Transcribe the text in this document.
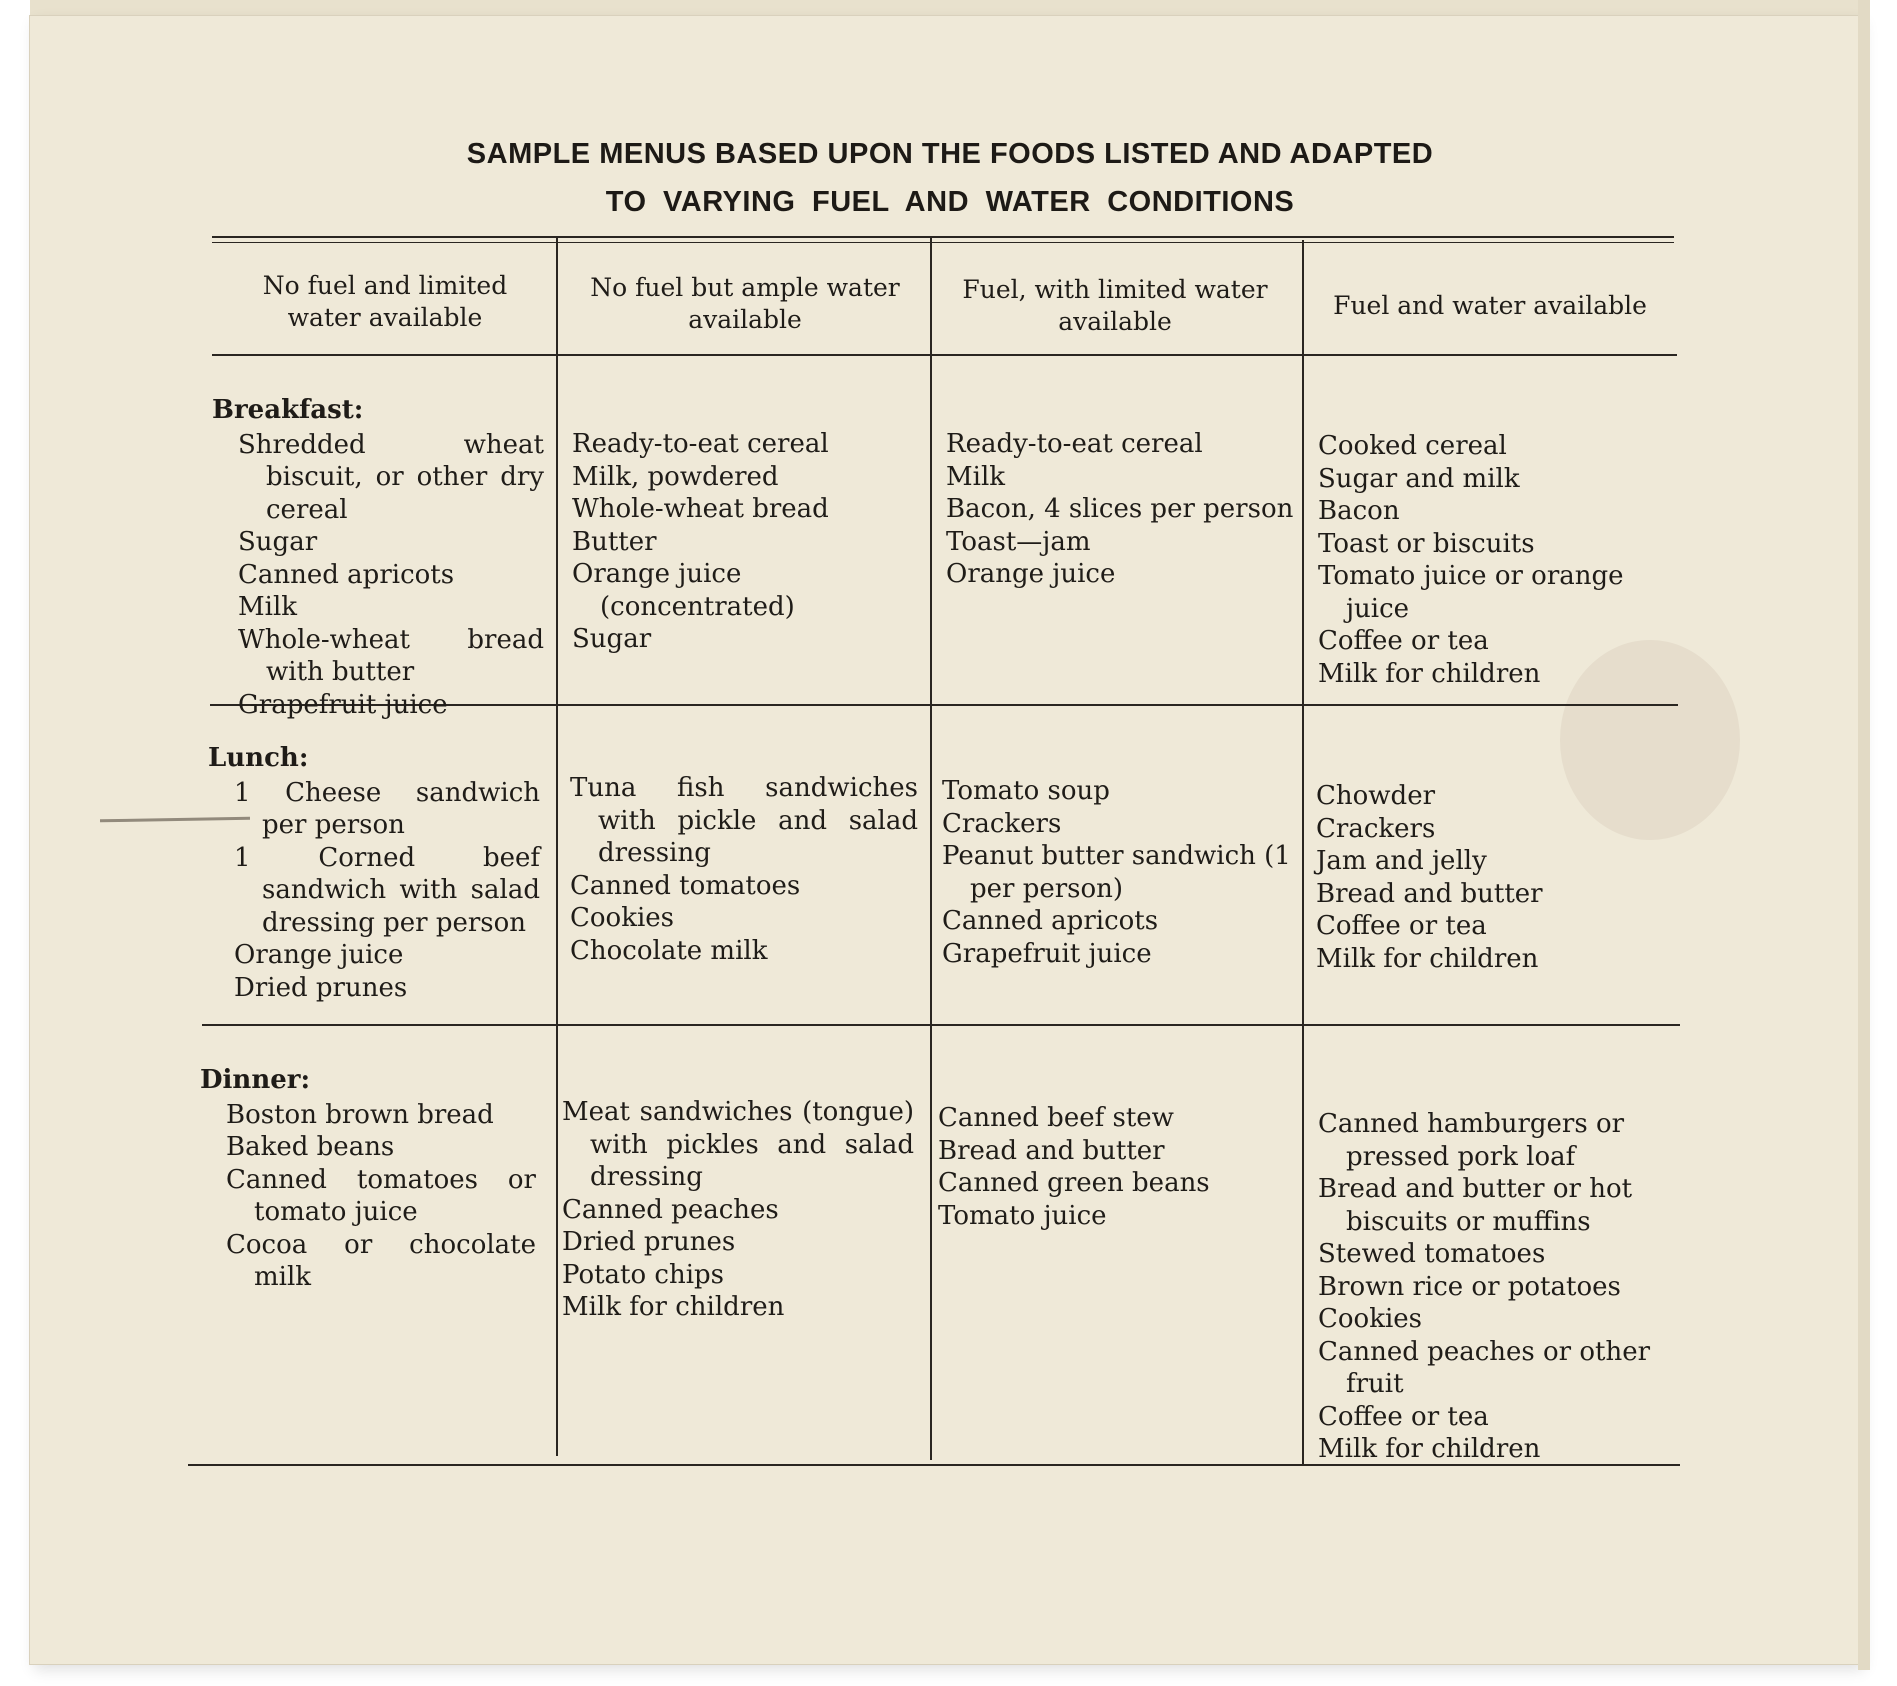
SAMPLE MENUS BASED UPON THE FOODS LISTED AND ADAPTED
TO VARYING FUEL AND WATER CONDITIONS
No fuel and limited water available
No fuel but ample water available
Fuel, with limited water available
Fuel and water available
Breakfast:
Shredded wheat biscuit, or other dry cereal
Sugar
Canned apricots
Milk
Whole-wheat bread with butter
Grapefruit juice
Ready-to-eat cereal
Milk, powdered
Whole-wheat bread
Butter
Orange juice (concentrated)
Sugar
Ready-to-eat cereal
Milk
Bacon, 4 slices per person
Toast—jam
Orange juice
Cooked cereal
Sugar and milk
Bacon
Toast or biscuits
Tomato juice or orange juice
Coffee or tea
Milk for children
Lunch:
1 Cheese sandwich per person
1 Corned beef sandwich with salad dressing per person
Orange juice
Dried prunes
Tuna fish sandwiches with pickle and salad dressing
Canned tomatoes
Cookies
Chocolate milk
Tomato soup
Crackers
Peanut butter sandwich (1 per person)
Canned apricots
Grapefruit juice
Chowder
Crackers
Jam and jelly
Bread and butter
Coffee or tea
Milk for children
Dinner:
Boston brown bread
Baked beans
Canned tomatoes or tomato juice
Cocoa or chocolate milk
Meat sandwiches (tongue) with pickles and salad dressing
Canned peaches
Dried prunes
Potato chips
Milk for children
Canned beef stew
Bread and butter
Canned green beans
Tomato juice
Canned hamburgers or pressed pork loaf
Bread and butter or hot biscuits or muffins
Stewed tomatoes
Brown rice or potatoes
Cookies
Canned peaches or other fruit
Coffee or tea
Milk for children
